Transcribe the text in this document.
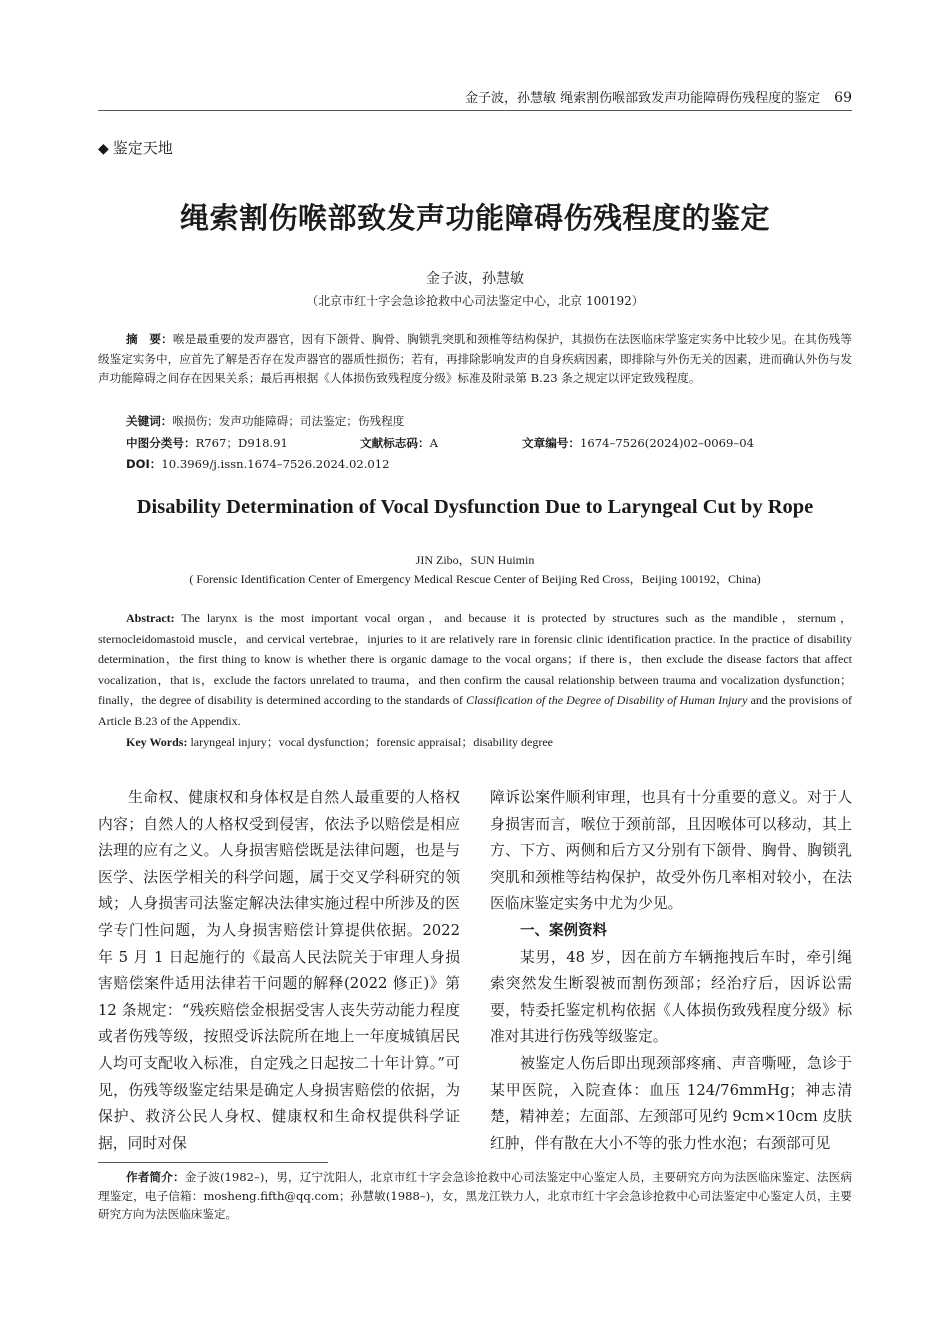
金子波，孙慧敏 绳索割伤喉部致发声功能障碍伤残程度的鉴定 69
◆ 鉴定天地
绳索割伤喉部致发声功能障碍伤残程度的鉴定
金子波，孙慧敏
（北京市红十字会急诊抢救中心司法鉴定中心，北京 100192）
摘　要：喉是最重要的发声器官，因有下颌骨、胸骨、胸锁乳突肌和颈椎等结构保护，其损伤在法医临床学鉴定实务中比较少见。在其伤残等级鉴定实务中，应首先了解是否存在发声器官的器质性损伤；若有，再排除影响发声的自身疾病因素，即排除与外伤无关的因素，进而确认外伤与发声功能障碍之间存在因果关系；最后再根据《人体损伤致残程度分级》标准及附录第 B.23 条之规定以评定致残程度。
关键词：喉损伤；发声功能障碍；司法鉴定；伤残程度
中图分类号：R767；D918.91	文献标志码：A	文章编号：1674–7526(2024)02–0069–04
DOI：10.3969/j.issn.1674–7526.2024.02.012
Disability Determination of Vocal Dysfunction Due to Laryngeal Cut by Rope
JIN Zibo，SUN Huimin
( Forensic Identification Center of Emergency Medical Rescue Center of Beijing Red Cross，Beijing 100192，China)
Abstract: The larynx is the most important vocal organ，and because it is protected by structures such as the mandible，sternum，sternocleidomastoid muscle，and cervical vertebrae，injuries to it are relatively rare in forensic clinic identification practice. In the practice of disability determination，the first thing to know is whether there is organic damage to the vocal organs；if there is，then exclude the disease factors that affect vocalization，that is，exclude the factors unrelated to trauma，and then confirm the causal relationship between trauma and vocalization dysfunction；finally，the degree of disability is determined according to the standards of Classification of the Degree of Disability of Human Injury and the provisions of Article B.23 of the Appendix.
Key Words: laryngeal injury；vocal dysfunction；forensic appraisal；disability degree

生命权、健康权和身体权是自然人最重要的人格权内容；自然人的人格权受到侵害，依法予以赔偿是相应法理的应有之义。人身损害赔偿既是法律问题，也是与医学、法医学相关的科学问题，属于交叉学科研究的领域；人身损害司法鉴定解决法律实施过程中所涉及的医学专门性问题，为人身损害赔偿计算提供依据。2022 年 5 月 1 日起施行的《最高人民法院关于审理人身损害赔偿案件适用法律若干问题的解释(2022 修正)》第 12 条规定：“残疾赔偿金根据受害人丧失劳动能力程度或者伤残等级，按照受诉法院所在地上一年度城镇居民人均可支配收入标准，自定残之日起按二十年计算。”可见，伤残等级鉴定结果是确定人身损害赔偿的依据，为保护、救济公民人身权、健康权和生命权提供科学证据，同时对保

障诉讼案件顺利审理，也具有十分重要的意义。对于人身损害而言，喉位于颈前部，且因喉体可以移动，其上方、下方、两侧和后方又分别有下颌骨、胸骨、胸锁乳突肌和颈椎等结构保护，故受外伤几率相对较小，在法医临床鉴定实务中尤为少见。

一、案例资料

某男，48 岁，因在前方车辆拖拽后车时，牵引绳索突然发生断裂被而割伤颈部；经治疗后，因诉讼需要，特委托鉴定机构依据《人体损伤致残程度分级》标准对其进行伤残等级鉴定。

被鉴定人伤后即出现颈部疼痛、声音嘶哑，急诊于某甲医院，入院查体：血压 124/76mmHg；神志清楚，精神差；左面部、左颈部可见约 9cm×10cm 皮肤红肿，伴有散在大小不等的张力性水泡；右颈部可见

作者简介：金子波(1982–)，男，辽宁沈阳人，北京市红十字会急诊抢救中心司法鉴定中心鉴定人员，主要研究方向为法医临床鉴定、法医病理鉴定，电子信箱：mosheng.fifth@qq.com；孙慧敏(1988–)，女，黑龙江铁力人，北京市红十字会急诊抢救中心司法鉴定中心鉴定人员，主要研究方向为法医临床鉴定。
